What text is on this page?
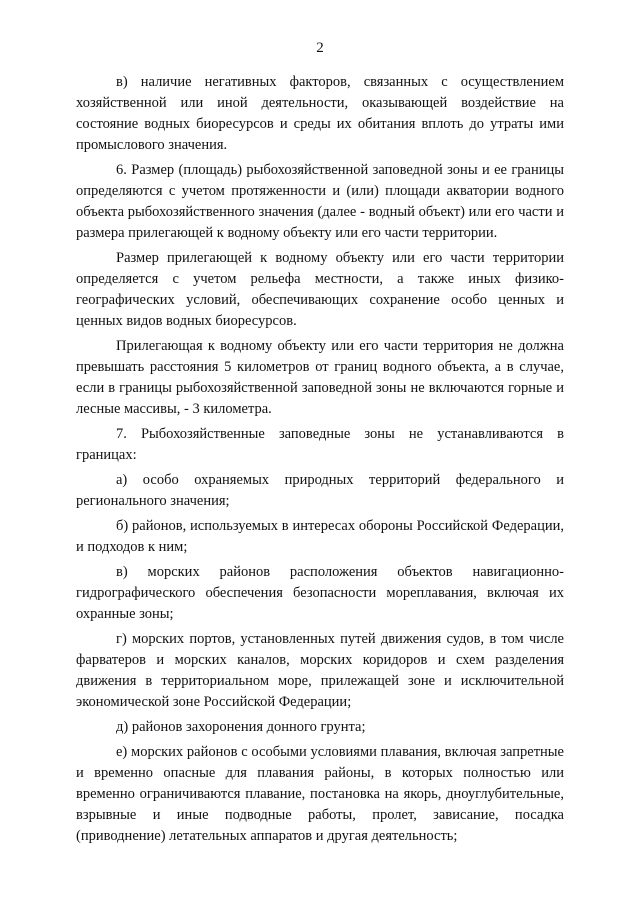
2

в) наличие негативных факторов, связанных с осуществлением хозяйственной или иной деятельности, оказывающей воздействие на состояние водных биоресурсов и среды их обитания вплоть до утраты ими промыслового значения.

6. Размер (площадь) рыбохозяйственной заповедной зоны и ее границы определяются с учетом протяженности и (или) площади акватории водного объекта рыбохозяйственного значения (далее - водный объект) или его части и размера прилегающей к водному объекту или его части территории.

Размер прилегающей к водному объекту или его части территории определяется с учетом рельефа местности, а также иных физико-географических условий, обеспечивающих сохранение особо ценных и ценных видов водных биоресурсов.

Прилегающая к водному объекту или его части территория не должна превышать расстояния 5 километров от границ водного объекта, а в случае, если в границы рыбохозяйственной заповедной зоны не включаются горные и лесные массивы, - 3 километра.

7. Рыбохозяйственные заповедные зоны не устанавливаются в границах:

а) особо охраняемых природных территорий федерального и регионального значения;

б) районов, используемых в интересах обороны Российской Федерации, и подходов к ним;

в) морских районов расположения объектов навигационно-гидрографического обеспечения безопасности мореплавания, включая их охранные зоны;

г) морских портов, установленных путей движения судов, в том числе фарватеров и морских каналов, морских коридоров и схем разделения движения в территориальном море, прилежащей зоне и исключительной экономической зоне Российской Федерации;

д) районов захоронения донного грунта;

е) морских районов с особыми условиями плавания, включая запретные и временно опасные для плавания районы, в которых полностью или временно ограничиваются плавание, постановка на якорь, дноуглубительные, взрывные и иные подводные работы, пролет, зависание, посадка (приводнение) летательных аппаратов и другая деятельность;
